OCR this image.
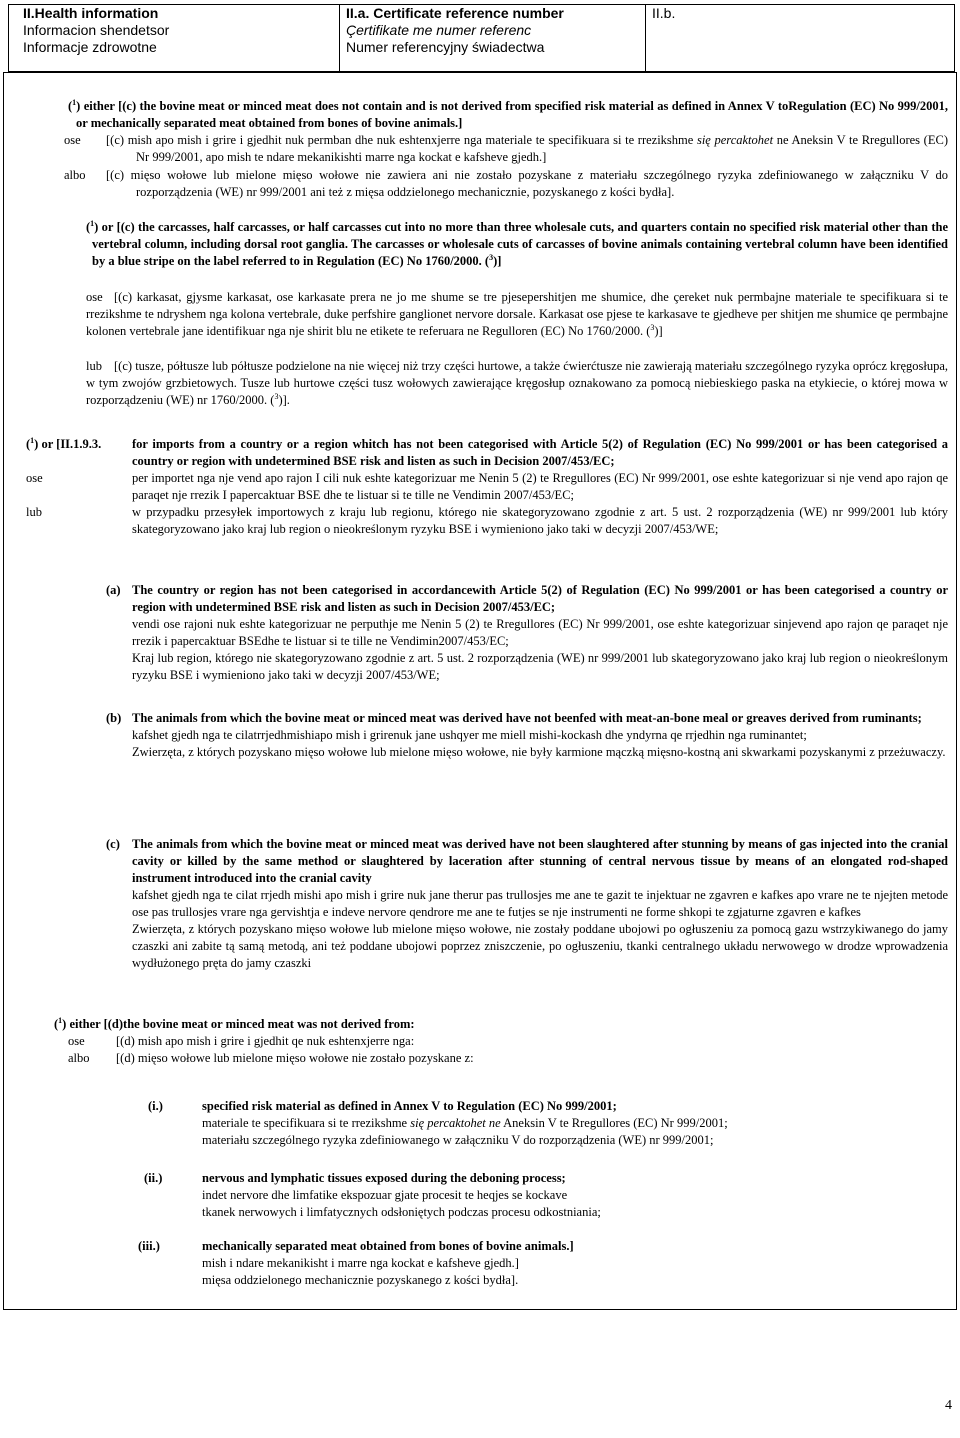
II.Health information
Informacion shendetsor
Informacje zdrowotne
II.a. Certificate reference number
Çertifikate me numer referenc
Numer referencyjny świadectwa
II.b.
($^1$) either [(c) the bovine meat or minced meat does not contain and is not derived from specified risk material as defined in Annex V toRegulation (EC) No 999/2001, or mechanically separated meat obtained from bones of bovine animals.]
ose [(c) mish apo mish i grire i gjedhit nuk permban dhe nuk eshtenxjerre nga materiale te specifikuara si te rrezikshme się percaktohet ne Aneksin V te Rregullores (EC) Nr 999/2001, apo mish te ndare mekanikishti marre nga kockat e kafsheve gjedh.]
albo [(c) mięso wołowe lub mielone mięso wołowe nie zawiera ani nie zostało pozyskane z materiału szczególnego ryzyka zdefiniowanego w załączniku V do rozporządzenia (WE) nr 999/2001 ani też z mięsa oddzielonego mechanicznie, pozyskanego z kości bydła].
($^1$) or [(c) the carcasses, half carcasses, or half carcasses cut into no more than three wholesale cuts, and quarters contain no specified risk material other than the vertebral column, including dorsal root ganglia. The carcasses or wholesale cuts of carcasses of bovine animals containing vertebral column have been identified by a blue stripe on the label referred to in Regulation (EC) No 1760/2000. ($^3$)]
ose [(c) karkasat, gjysme karkasat, ose karkasate prera ne jo me shume se tre pjesepershitjen me shumice, dhe çereket nuk permbajne materiale te specifikuara si te rrezikshme te ndryshem nga kolona vertebrale, duke perfshire ganglionet nervore dorsale. Karkasat ose pjese te karkasave te gjedheve per shitjen me shumice qe permbajne kolonen vertebrale jane identifikuar nga nje shirit blu ne etikete te referuara ne Regulloren (EC) No 1760/2000. ($^3$)]
lub [(c) tusze, półtusze lub półtusze podzielone na nie więcej niż trzy części hurtowe, a także ćwierćtusze nie zawierają materiału szczególnego ryzyka oprócz kręgosłupa, w tym zwojów grzbietowych. Tusze lub hurtowe części tusz wołowych zawierające kręgosłup oznakowano za pomocą niebieskiego paska na etykiecie, o której mowa w rozporządzeniu (WE) nr 1760/2000. ($^3$)].
($^1$) or [II.1.9.3. for imports from a country or a region whitch has not been categorised with Article 5(2) of Regulation (EC) No 999/2001 or has been categorised a country or region with undetermined BSE risk and listen as such in Decision 2007/453/EC;
ose	per importet nga nje vend apo rajon I cili nuk eshte kategorizuar me Nenin 5 (2) te Rregullores (EC) Nr 999/2001, ose eshte kategorizuar si nje vend apo rajon qe paraqet nje rrezik I papercaktuar BSE dhe te listuar si te tille ne Vendimin 2007/453/EC;
lub	w przypadku przesyłek importowych z kraju lub regionu, którego nie skategoryzowano zgodnie z art. 5 ust. 2 rozporządzenia (WE) nr 999/2001 lub który skategoryzowano jako kraj lub region o nieokreślonym ryzyku BSE i wymieniono jako taki w decyzji 2007/453/WE;
(a) The country or region has not been categorised in accordancewith Article 5(2) of Regulation (EC) No 999/2001 or has been categorised a country or region with undetermined BSE risk and listen as such in Decision 2007/453/EC;
vendi ose rajoni nuk eshte kategorizuar ne perputhje me Nenin 5 (2) te Rregullores (EC) Nr 999/2001, ose eshte kategorizuar sinjevend apo rajon qe paraqet nje rrezik i papercaktuar BSEdhe te listuar si te tille ne Vendimin2007/453/EC;
Kraj lub region, którego nie skategoryzowano zgodnie z art. 5 ust. 2 rozporządzenia (WE) nr 999/2001 lub skategoryzowano jako kraj lub region o nieokreślonym ryzyku BSE i wymieniono jako taki w decyzji 2007/453/WE;
(b) The animals from which the bovine meat or minced meat was derived have not beenfed with meat-an-bone meal or greaves derived from ruminants;
kafshet gjedh nga te cilatrrjedhmishiapo mish i grirenuk jane ushqyer me miell mishi-kockash dhe yndyrna qe rrjedhin nga ruminantet;
Zwierzęta, z których pozyskano mięso wołowe lub mielone mięso wołowe, nie były karmione mączką mięsno-kostną ani skwarkami pozyskanymi z przeżuwaczy.
(c) The animals from which the bovine meat or minced meat was derived have not been slaughtered after stunning by means of gas injected into the cranial cavity or killed by the same method or slaughtered by laceration after stunning of central nervous tissue by means of an elongated rod-shaped instrument introduced into the cranial cavity
kafshet gjedh nga te cilat rrjedh mishi apo mish i grire nuk jane therur pas trullosjes me ane te gazit te injektuar ne zgavren e kafkes apo vrare ne te njejten metode ose pas trullosjes vrare nga gervishtja e indeve nervore qendrore me ane te futjes se nje instrumenti ne forme shkopi te zgjaturne zgavren e kafkes
Zwierzęta, z których pozyskano mięso wołowe lub mielone mięso wołowe, nie zostały poddane ubojowi po ogłuszeniu za pomocą gazu wstrzykiwanego do jamy czaszki ani zabite tą samą metodą, ani też poddane ubojowi poprzez zniszczenie, po ogłuszeniu, tkanki centralnego układu nerwowego w drodze wprowadzenia wydłużonego pręta do jamy czaszki
($^1$) either [(d)the bovine meat or minced meat was not derived from:
ose	[(d) mish apo mish i grire i gjedhit qe nuk eshtenxjerre nga:
albo [(d) mięso wołowe lub mielone mięso wołowe nie zostało pozyskane z:
(i.)	specified risk material as defined in Annex V to Regulation (EC) No 999/2001;
materiale te specifikuara si te rrezikshme się percaktohet ne Aneksin V te Rregullores (EC) Nr 999/2001;
materiału szczególnego ryzyka zdefiniowanego w załączniku V do rozporządzenia (WE) nr 999/2001;
(ii.)	nervous and lymphatic tissues exposed during the deboning process;
indet nervore dhe limfatike ekspozuar gjate procesit te heqjes se kockave
tkanek nerwowych i limfatycznych odsłoniętych podczas procesu odkostniania;
(iii.)	mechanically separated meat obtained from bones of bovine animals.]
mish i ndare mekanikisht i marre nga kockat e kafsheve gjedh.]
mięsa oddzielonego mechanicznie pozyskanego z kości bydła].
4
